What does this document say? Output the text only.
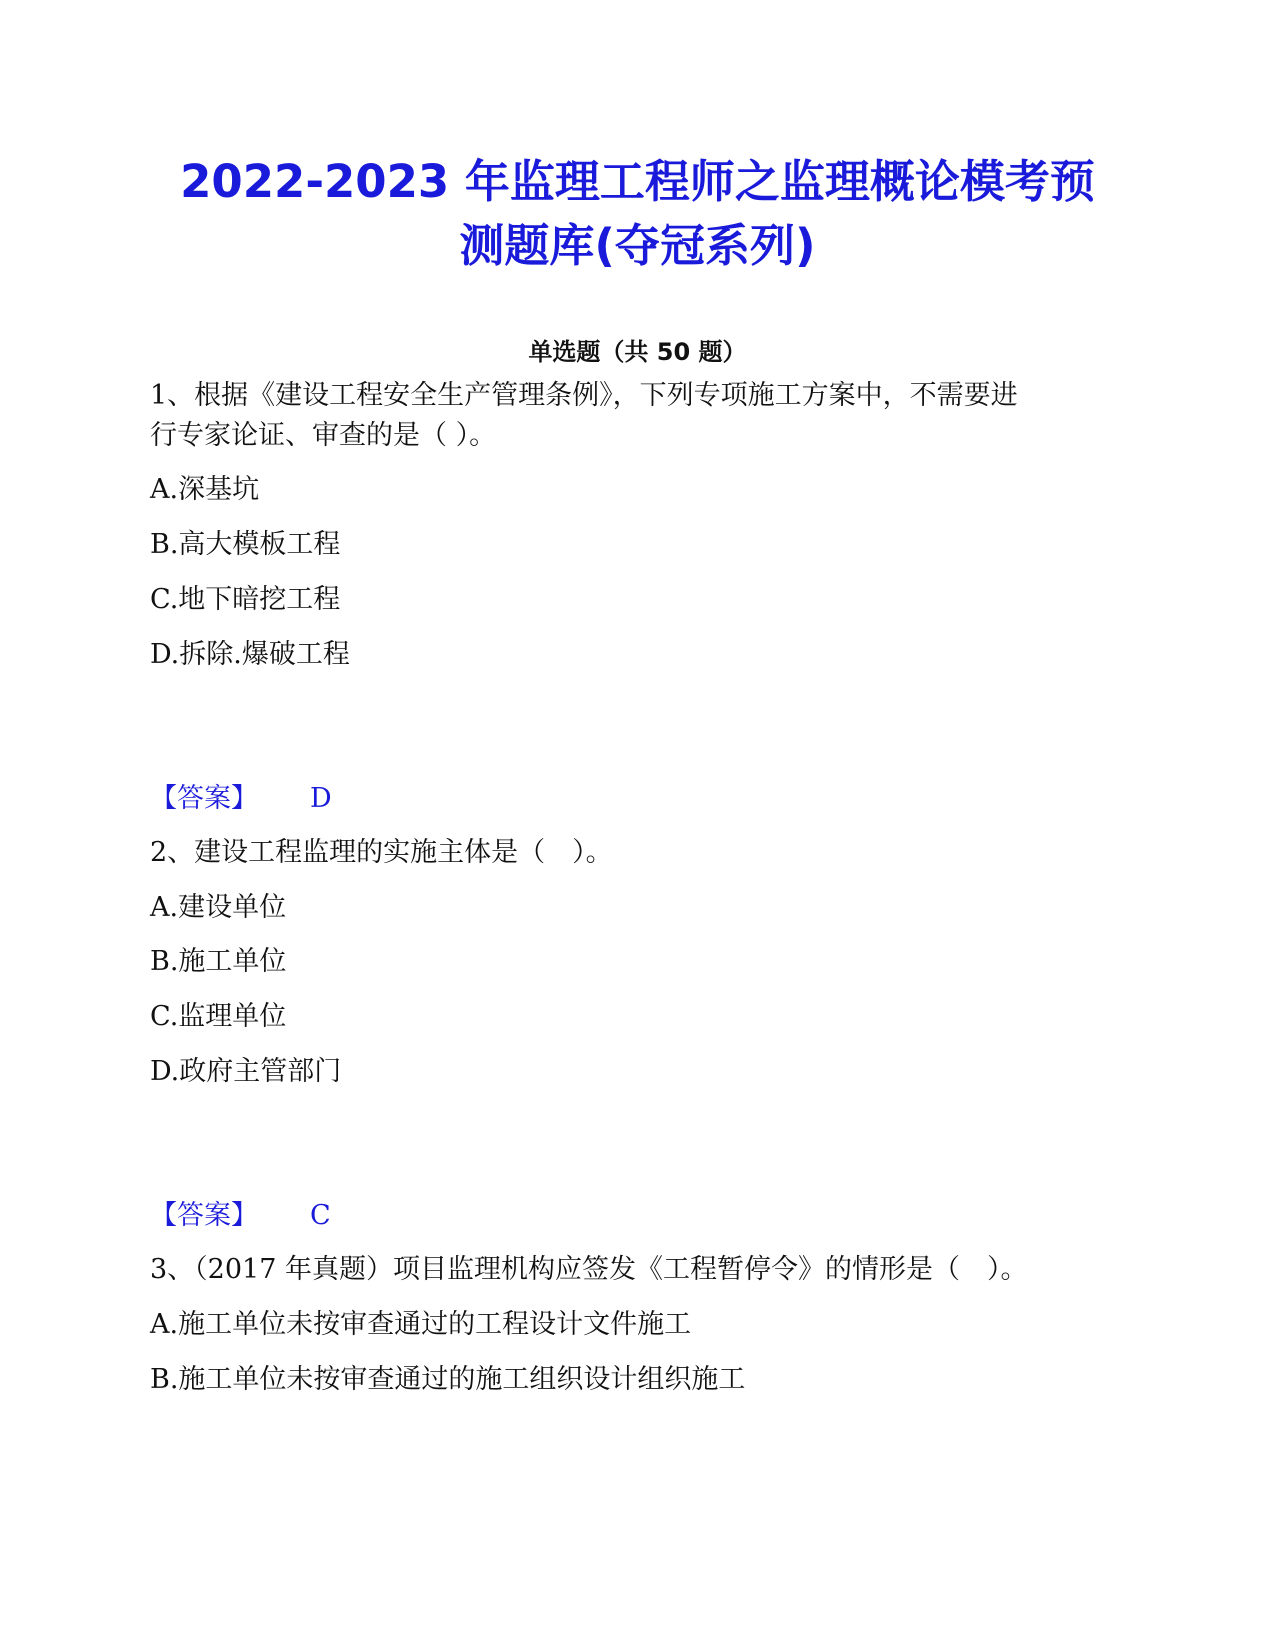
2022-2023 年监理工程师之监理概论模考预
测题库(夺冠系列)
单选题（共 50 题）
1、根据《建设工程安全生产管理条例》，下列专项施工方案中，不需要进
行专家论证、审查的是（ ）。
A.深基坑
B.高大模板工程
C.地下暗挖工程
D.拆除.爆破工程
【答案】 D
2、建设工程监理的实施主体是（　）。
A.建设单位
B.施工单位
C.监理单位
D.政府主管部门
【答案】 C
3、（2017 年真题）项目监理机构应签发《工程暂停令》的情形是（　）。
A.施工单位未按审查通过的工程设计文件施工
B.施工单位未按审查通过的施工组织设计组织施工
